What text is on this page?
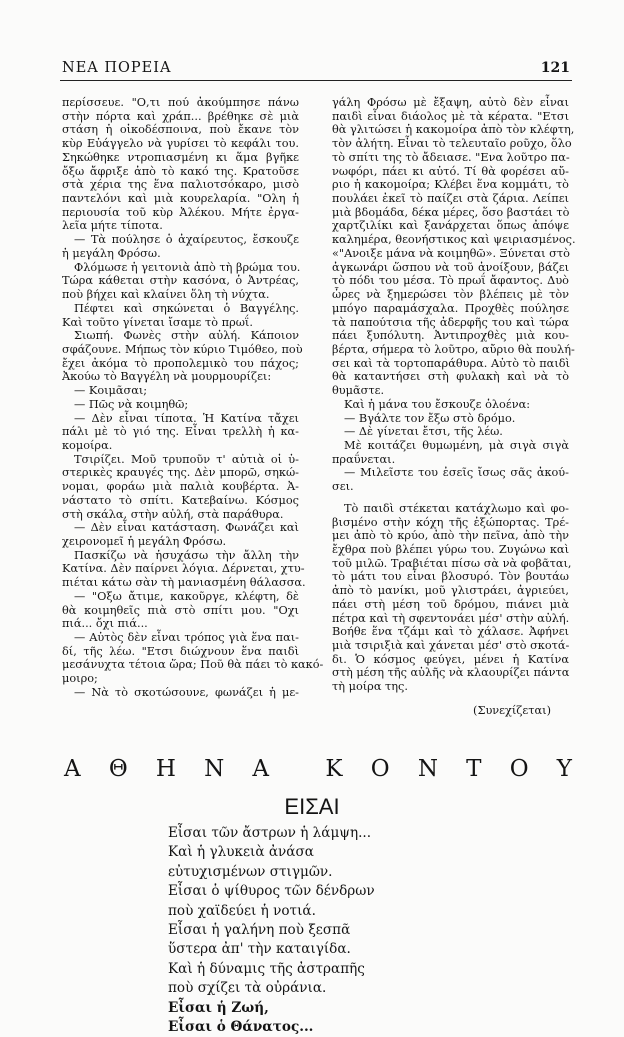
ΝΕΑ ΠΟΡΕΙΑ	121

περίσσευε. "Ο,τι πού ἀκούμπησε πάνω

στὴν πόρτα καὶ χράπ... βρέθηκε σὲ μιὰ

στάση ἡ οἰκοδέσποινα, ποὺ ἔκανε τὸν

κὺρ Εὐάγγελο νὰ γυρίσει τὸ κεφάλι του.

Σηκώθηκε ντροπιασμένη κι ἅμα βγῆκε

ὄξω ἄφριξε ἀπὸ τὸ κακό της. Κρατοῦσε

στὰ χέρια της ἕνα παλιοτσόκαρο, μισὸ

παντελόνι καὶ μιὰ κουρελαρία. "Ολη ἡ

περιουσία τοῦ κὺρ Ἀλέκου. Μήτε ἐργα-

λεῖα μήτε τίποτα.

— Τὰ πούλησε ὁ ἀχαίρευτος, ἔσκουζε

ἡ μεγάλη Φρόσω.

Φλόμωσε ἡ γειτονιὰ ἀπὸ τὴ βρώμα του.

Τώρα κάθεται στὴν κασόνα, ὁ Ἀντρέας,

ποὺ βήχει καὶ κλαίνει ὅλη τὴ νύχτα.

Πέφτει καὶ σηκώνεται ὁ Βαγγέλης.

Καὶ τοῦτο γίνεται ἴσαμε τὸ πρωΐ.

Σιωπή. Φωνὲς στὴν αὐλή. Κάποιον

σφάζουνε. Μήπως τὸν κύριο Τιμόθεο, ποὺ

ἔχει ἀκόμα τὸ προπολεμικὸ του πάχος;

Ἀκούω τὸ Βαγγέλη νὰ μουρμουρίζει:

— Κοιμᾶσαι;

— Πῶς νὰ κοιμηθῶ;

— Δὲν εἶναι τίποτα. Ἡ Κατίνα τἄχει

πάλι μὲ τὸ γιό της. Εἶναι τρελλὴ ἡ κα-

κομοίρα.

Τσιρίζει. Μοῦ τρυποῦν τ' αὐτιὰ οἱ ὑ-

στερικὲς κραυγές της. Δὲν μπορῶ, σηκώ-

νομαι, φοράω μιὰ παλιὰ κουβέρτα. Ἀ-

νάστατο τὸ σπίτι. Κατεβαίνω. Κόσμος

στὴ σκάλα, στὴν αὐλή, στὰ παράθυρα.

— Δὲν εἶναι κατάσταση. Φωνάζει καὶ

χειρονομεῖ ἡ μεγάλη Φρόσω.

Πασκίζω νὰ ἡσυχάσω τὴν ἄλλη τὴν

Κατίνα. Δὲν παίρνει λόγια. Δέρνεται, χτυ-

πιέται κάτω σὰν τὴ μανιασμένη θάλασσα.

— "Οξω ἄτιμε, κακοῦργε, κλέφτη, δὲ

θὰ κοιμηθεῖς πιὰ στὸ σπίτι μου. "Οχι

πιά... ὄχι πιά...

— Αὐτὸς δὲν εἶναι τρόπος γιὰ ἕνα παι-

δί, τῆς λέω. "Ετσι διώχνουν ἕνα παιδὶ

μεσάνυχτα τέτοια ὥρα; Ποῦ θὰ πάει τὸ κακό-

μοιρο;

— Νὰ τὸ σκοτώσουνε, φωνάζει ἡ με-

γάλη Φρόσω μὲ ἔξαψη, αὐτὸ δὲν εἶναι

παιδὶ εἶναι διάολος μὲ τὰ κέρατα. "Ετσι

θὰ γλιτώσει ἡ κακομοίρα ἀπὸ τὸν κλέφτη,

τὸν ἀλήτη. Εἶναι τὸ τελευταῖο ροῦχο, ὅλο

τὸ σπίτι της τὸ ἄδειασε. "Ενα λοῦτρο πα-

νωφόρι, πάει κι αὐτό. Τί θὰ φορέσει αὔ-

ριο ἡ κακομοίρα; Κλέβει ἕνα κομμάτι, τὸ

πουλάει ἐκεῖ τὸ παίζει στὰ ζάρια. Λείπει

μιὰ βδομάδα, δέκα μέρες, ὅσο βαστάει τὸ

χαρτζιλίκι καὶ ξανάρχεται ὅπως ἀπόψε

καλημέρα, θεονήστικος καὶ ψειριασμένος.

«"Ανοιξε μάνα νὰ κοιμηθῶ». Ξύνεται στὸ

ἀγκωνάρι ὥσπου νὰ τοῦ ἀνοίξουν, βάζει

τὸ πόδι του μέσα. Τὸ πρωΐ ἄφαντος. Δυὸ

ὧρες νὰ ξημερώσει τὸν βλέπεις μὲ τὸν

μπόγο παραμάσχαλα. Προχθὲς πούλησε

τὰ παπούτσια τῆς ἀδερφῆς του καὶ τώρα

πάει ξυπόλυτη. Ἀντιπροχθὲς μιὰ κου-

βέρτα, σήμερα τὸ λοῦτρο, αὔριο θὰ πουλή-

σει καὶ τὰ τορτοπαράθυρα. Αὐτὸ τὸ παιδὶ

θὰ καταντήσει στὴ φυλακὴ καὶ νὰ τὸ

θυμᾶστε.

Καὶ ἡ μάνα του ἔσκουζε ὁλοένα:

— Βγάλτε τον ἔξω στὸ δρόμο.

— Δὲ γίνεται ἔτσι, τῆς λέω.

Μὲ κοιτάζει θυμωμένη, μὰ σιγὰ σιγὰ

πραΰνεται.

— Μιλεῖστε του ἐσεῖς ἴσως σᾶς ἀκού-

σει.

Τὸ παιδὶ στέκεται κατάχλωμο καὶ φο-

βισμένο στὴν κόχη τῆς ἐξώπορτας. Τρέ-

μει ἀπὸ τὸ κρύο, ἀπὸ τὴν πεῖνα, ἀπὸ τὴν

ἔχθρα ποὺ βλέπει γύρω του. Ζυγώνω καὶ

τοῦ μιλῶ. Τραβιέται πίσω σὰ νὰ φοβᾶται,

τὸ μάτι του εἶναι βλοσυρό. Τὸν βουτάω

ἀπὸ τὸ μανίκι, μοῦ γλιστράει, ἀγριεύει,

πάει στὴ μέση τοῦ δρόμου, πιάνει μιὰ

πέτρα καὶ τὴ σφεντονάει μέσ' στὴν αὐλή.

Βοήθε ἕνα τζάμι καὶ τὸ χάλασε. Ἀφήνει

μιὰ τσιριξιὰ καὶ χάνεται μέσ' στὸ σκοτά-

δι. Ὁ κόσμος φεύγει, μένει ἡ Κατίνα

στὴ μέση τῆς αὐλῆς νὰ κλαουρίζει πάντα

τὴ μοίρα της.

(Συνεχίζεται)

Α Θ Η Ν Α Κ Ο Ν Τ Ο Υ
ΕΙΣΑΙ
Εἶσαι τῶν ἄστρων ἡ λάμψη...
Καὶ ἡ γλυκειὰ ἀνάσα
εὐτυχισμένων στιγμῶν.
Εἶσαι ὁ ψίθυρος τῶν δένδρων
ποὺ χαϊδεύει ἡ νοτιά.
Εἶσαι ἡ γαλήνη ποὺ ξεσπᾶ
ὕστερα ἀπ' τὴν καταιγίδα.
Καὶ ἡ δύναμις τῆς ἀστραπῆς
ποὺ σχίζει τὰ οὐράνια.
Εἶσαι ἡ Ζωή,
Εἶσαι ὁ Θάνατος...
